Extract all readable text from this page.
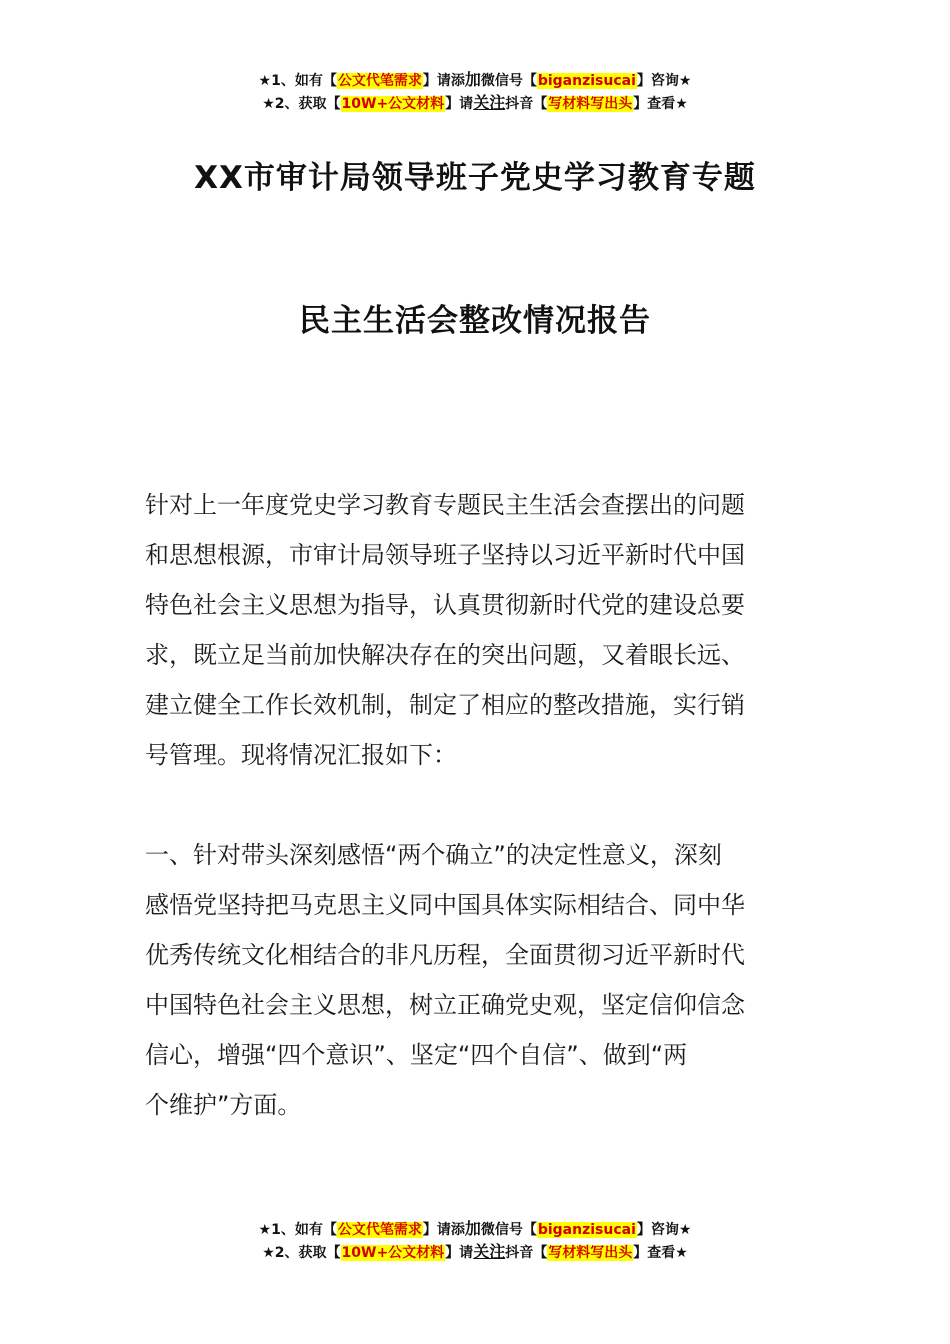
★1、如有【公文代笔需求】请添加微信号【biganzisucai】咨询★
★2、获取【10W+公文材料】请关注抖音【写材料写出头】查看★
XX市审计局领导班子党史学习教育专题
民主生活会整改情况报告

针对上一年度党史学习教育专题民主生活会查摆出的问题
和思想根源，市审计局领导班子坚持以习近平新时代中国
特色社会主义思想为指导，认真贯彻新时代党的建设总要
求，既立足当前加快解决存在的突出问题，又着眼长远、
建立健全工作长效机制，制定了相应的整改措施，实行销
号管理。现将情况汇报如下：

一、针对带头深刻感悟“两个确立”的决定性意义，深刻
感悟党坚持把马克思主义同中国具体实际相结合、同中华
优秀传统文化相结合的非凡历程，全面贯彻习近平新时代
中国特色社会主义思想，树立正确党史观，坚定信仰信念
信心，增强“四个意识”、坚定“四个自信”、做到“两
个维护”方面。

★1、如有【公文代笔需求】请添加微信号【biganzisucai】咨询★
★2、获取【10W+公文材料】请关注抖音【写材料写出头】查看★
